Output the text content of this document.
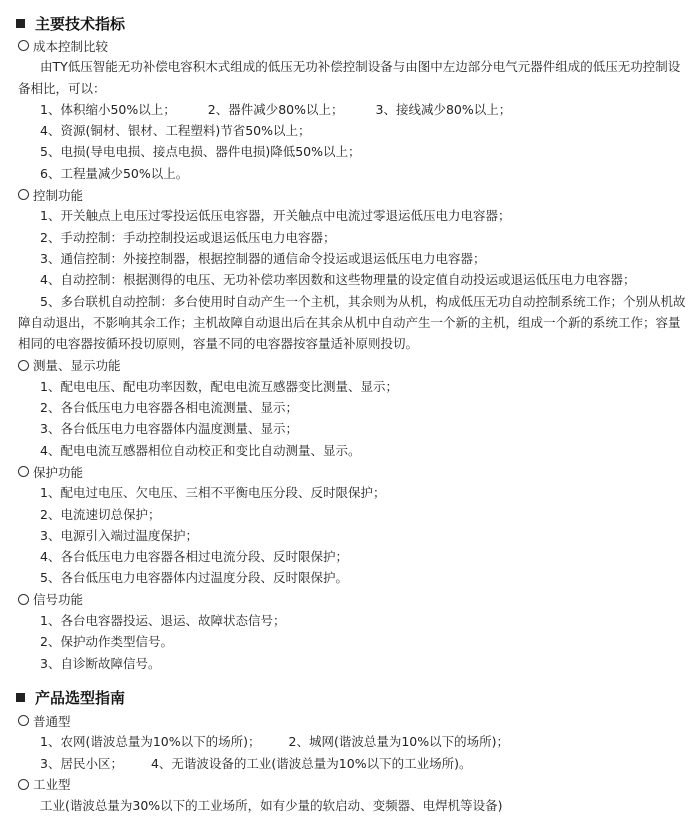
主要技术指标
成本控制比较
由TY低压智能无功补偿电容积木式组成的低压无功补偿控制设备与由图中左边部分电气元器件组成的低压无功控制设备相比，可以：
1、体积缩小50%以上；	2、器件减少80%以上；	3、接线减少80%以上；
4、资源(铜材、银材、工程塑料)节省50%以上；
5、电损(导电电损、接点电损、器件电损)降低50%以上；
6、工程量减少50%以上。
控制功能
1、开关触点上电压过零投运低压电容器，开关触点中电流过零退运低压电力电容器；
2、手动控制：手动控制投运或退运低压电力电容器；
3、通信控制：外接控制器，根据控制器的通信命令投运或退运低压电力电容器；
4、自动控制：根据测得的电压、无功补偿功率因数和这些物理量的设定值自动投运或退运低压电力电容器；
5、多台联机自动控制：多台使用时自动产生一个主机，其余则为从机，构成低压无功自动控制系统工作；个别从机故障自动退出，不影响其余工作；主机故障自动退出后在其余从机中自动产生一个新的主机，组成一个新的系统工作；容量相同的电容器按循环投切原则，容量不同的电容器按容量适补原则投切。
测量、显示功能
1、配电电压、配电功率因数，配电电流互感器变比测量、显示；
2、各台低压电力电容器各相电流测量、显示；
3、各台低压电力电容器体内温度测量、显示；
4、配电电流互感器相位自动校正和变比自动测量、显示。
保护功能
1、配电过电压、欠电压、三相不平衡电压分段、反时限保护；
2、电流速切总保护；
3、电源引入端过温度保护；
4、各台低压电力电容器各相过电流分段、反时限保护；
5、各台低压电力电容器体内过温度分段、反时限保护。
信号功能
1、各台电容器投运、退运、故障状态信号；
2、保护动作类型信号。
3、自诊断故障信号。
产品选型指南
普通型
1、农网(谐波总量为10%以下的场所)； 2、城网(谐波总量为10%以下的场所)；
3、居民小区； 4、无谐波设备的工业(谐波总量为10%以下的工业场所)。
工业型
工业(谐波总量为30%以下的工业场所，如有少量的软启动、变频器、电焊机等设备)
